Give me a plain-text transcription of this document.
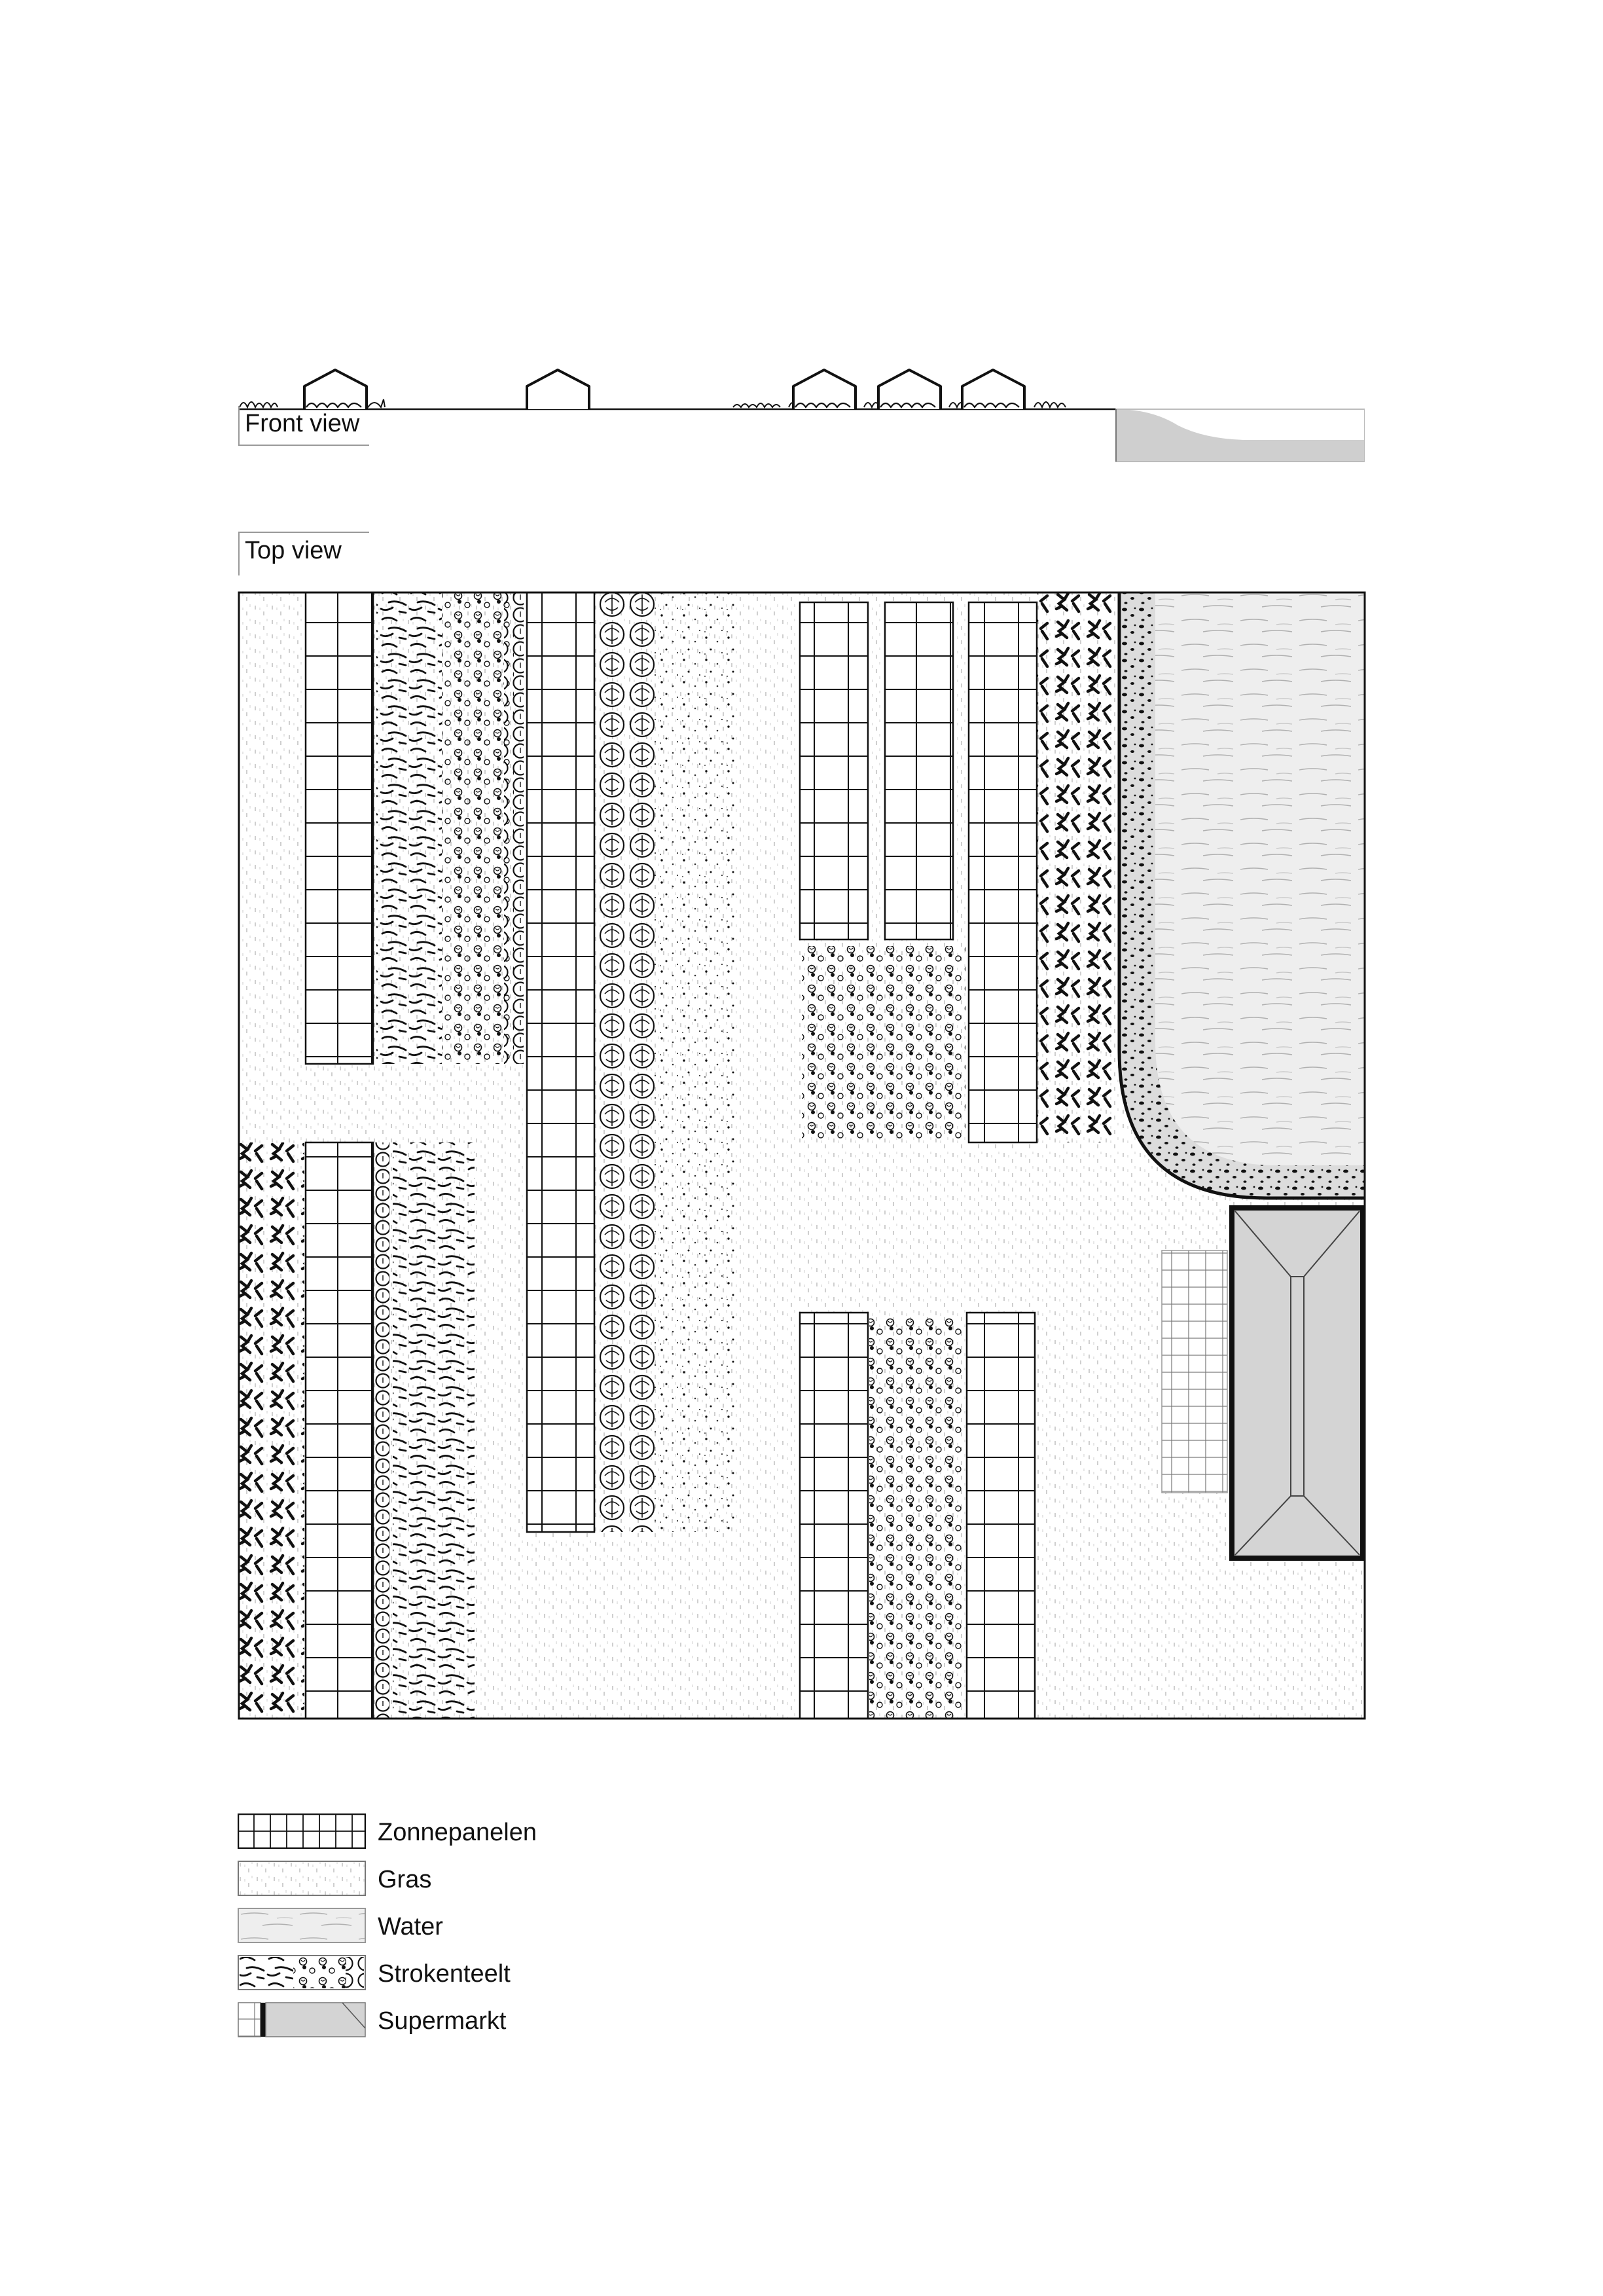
Front view
Top view
Zonnepanelen
Gras
Water
Strokenteelt
Supermarkt
